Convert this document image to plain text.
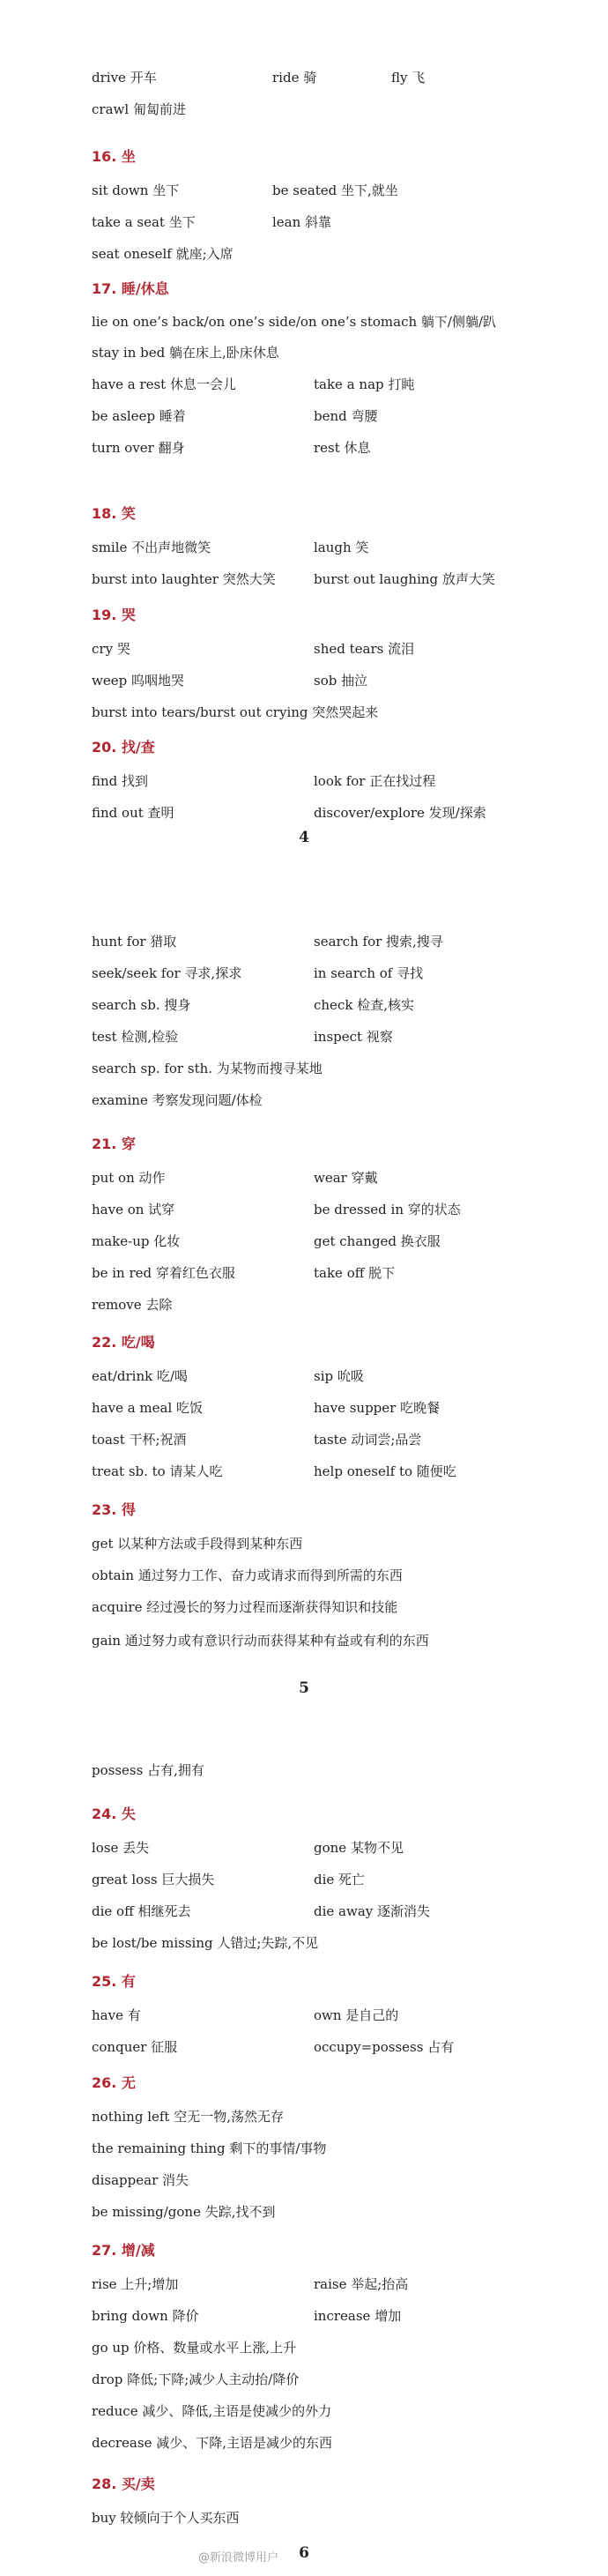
drive 开车	ride 骑	fly 飞
crawl 匍匐前进
16. 坐
sit down 坐下	be seated 坐下,就坐
take a seat 坐下	lean 斜靠
seat oneself 就座;入席
17. 睡/休息
lie on one’s back/on one’s side/on one’s stomach 躺下/侧躺/趴
stay in bed 躺在床上,卧床休息
have a rest 休息一会儿	take a nap 打盹
be asleep 睡着	bend 弯腰
turn over 翻身	rest 休息
18. 笑
smile 不出声地微笑	laugh 笑
burst into laughter 突然大笑	burst out laughing 放声大笑
19. 哭
cry 哭	shed tears 流泪
weep 呜咽地哭	sob 抽泣
burst into tears/burst out crying 突然哭起来
20. 找/查
find 找到	look for 正在找过程
find out 查明	discover/explore 发现/探索
4
hunt for 猎取	search for 搜索,搜寻
seek/seek for 寻求,探求	in search of 寻找
search sb. 搜身	check 检查,核实
test 检测,检验	inspect 视察
search sp. for sth. 为某物而搜寻某地
examine 考察发现问题/体检
21. 穿
put on 动作	wear 穿戴
have on 试穿	be dressed in 穿的状态
make-up 化妆	get changed 换衣服
be in red 穿着红色衣服	take off 脱下
remove 去除
22. 吃/喝
eat/drink 吃/喝	sip 吮吸
have a meal 吃饭	have supper 吃晚餐
toast 干杯;祝酒	taste 动词尝;品尝
treat sb. to 请某人吃	help oneself to 随便吃
23. 得
get 以某种方法或手段得到某种东西
obtain 通过努力工作、奋力或请求而得到所需的东西
acquire 经过漫长的努力过程而逐渐获得知识和技能
gain 通过努力或有意识行动而获得某种有益或有利的东西
5
possess 占有,拥有
24. 失
lose 丢失	gone 某物不见
great loss 巨大损失	die 死亡
die off 相继死去	die away 逐渐消失
be lost/be missing 人错过;失踪,不见
25. 有
have 有	own 是自己的
conquer 征服	occupy=possess 占有
26. 无
nothing left 空无一物,荡然无存
the remaining thing 剩下的事情/事物
disappear 消失
be missing/gone 失踪,找不到
27. 增/减
rise 上升;增加	raise 举起;抬高
bring down 降价	increase 增加
go up 价格、数量或水平上涨,上升
drop 降低;下降;减少人主动抬/降价
reduce 减少、降低,主语是使减少的外力
decrease 减少、下降,主语是减少的东西
28. 买/卖
buy 较倾向于个人买东西
6
@新浪微博用户
